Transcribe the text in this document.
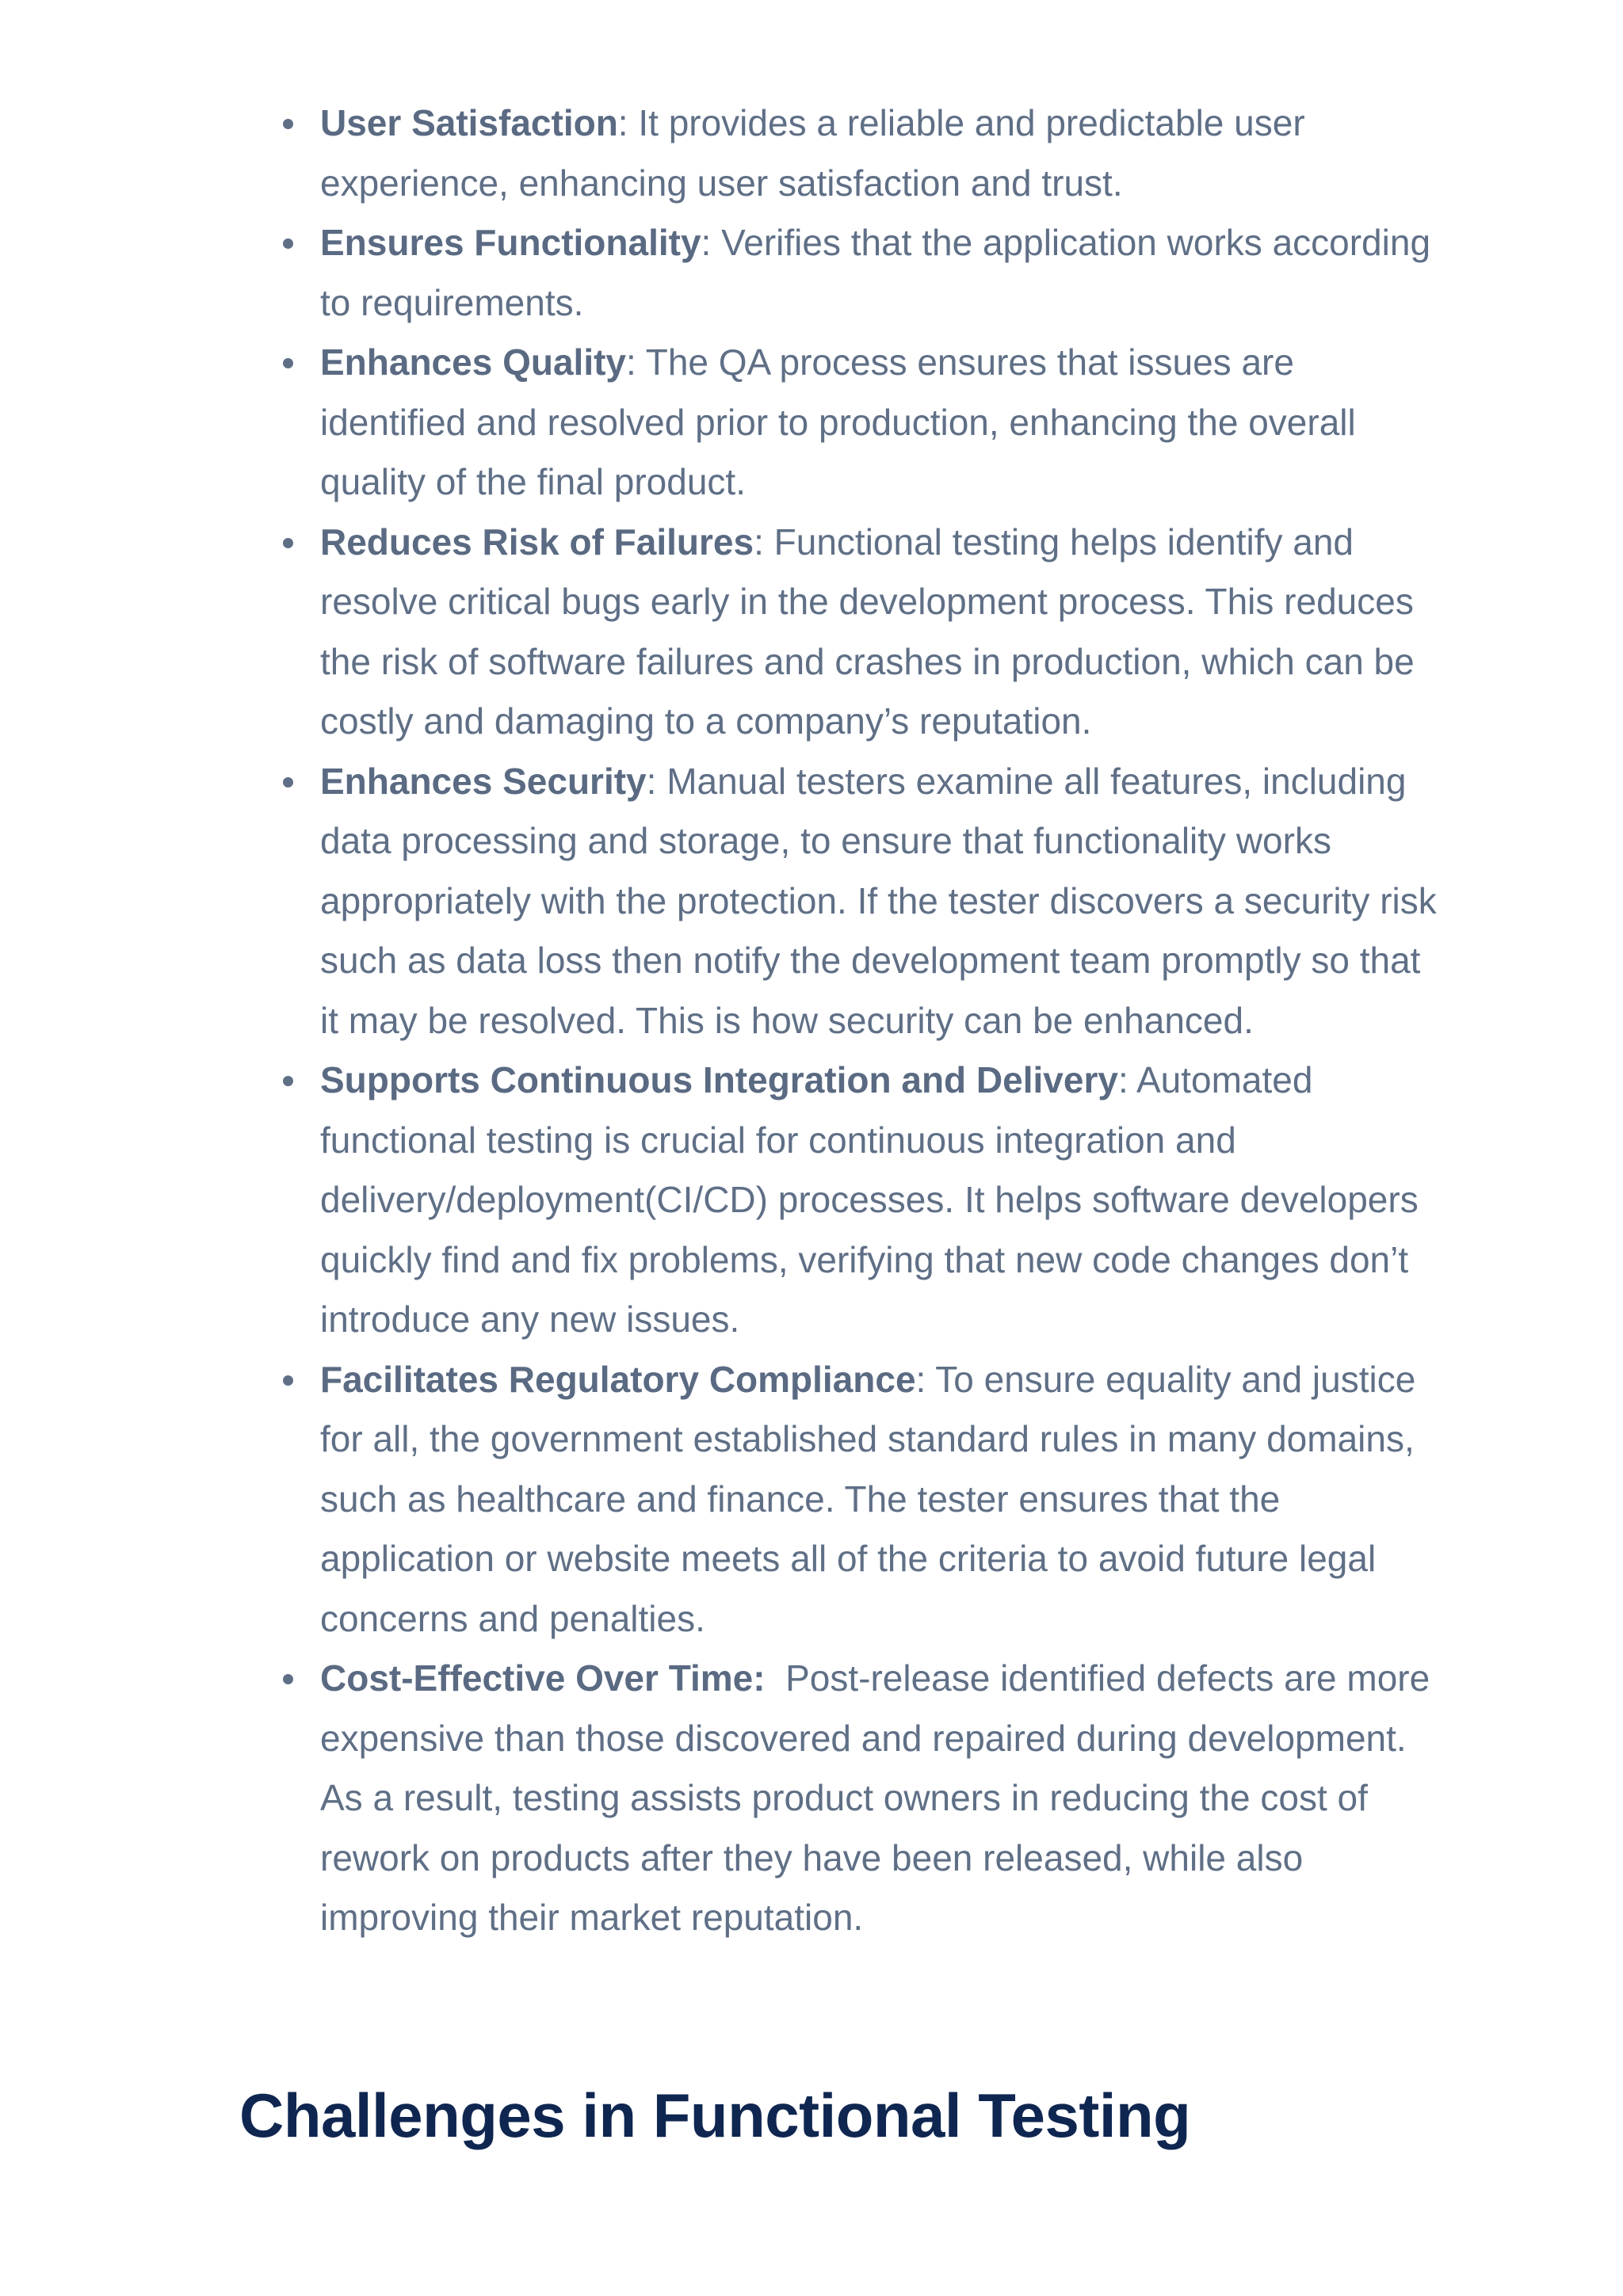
User Satisfaction: It provides a reliable and predictable user experience, enhancing user satisfaction and trust.
Ensures Functionality: Verifies that the application works according to requirements.
Enhances Quality: The QA process ensures that issues are identified and resolved prior to production, enhancing the overall quality of the final product.
Reduces Risk of Failures: Functional testing helps identify and resolve critical bugs early in the development process. This reduces the risk of software failures and crashes in production, which can be costly and damaging to a company’s reputation.
Enhances Security: Manual testers examine all features, including data processing and storage, to ensure that functionality works appropriately with the protection. If the tester discovers a security risk such as data loss then notify the development team promptly so that it may be resolved. This is how security can be enhanced.
Supports Continuous Integration and Delivery: Automated functional testing is crucial for continuous integration and delivery/deployment(CI/CD) processes. It helps software developers quickly find and fix problems, verifying that new code changes don’t introduce any new issues.
Facilitates Regulatory Compliance: To ensure equality and justice for all, the government established standard rules in many domains, such as healthcare and finance. The tester ensures that the application or website meets all of the criteria to avoid future legal concerns and penalties.
Cost-Effective Over Time: Post-release identified defects are more expensive than those discovered and repaired during development. As a result, testing assists product owners in reducing the cost of rework on products after they have been released, while also improving their market reputation.
Challenges in Functional Testing
